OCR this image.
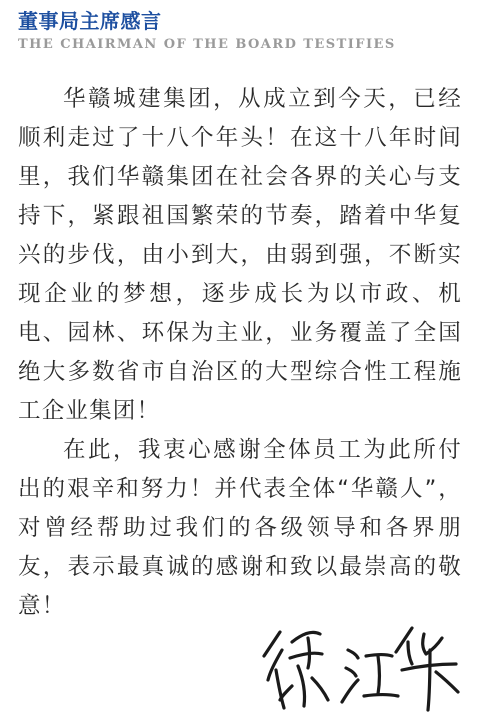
董事局主席感言
THE CHAIRMAN OF THE BOARD TESTIFIES

华赣城建集团，从成立到今天，已经顺利走过了十八个年头！在这十八年时间里，我们华赣集团在社会各界的关心与支持下，紧跟祖国繁荣的节奏，踏着中华复兴的步伐，由小到大，由弱到强，不断实现企业的梦想，逐步成长为以市政、机电、园林、环保为主业，业务覆盖了全国绝大多数省市自治区的大型综合性工程施工企业集团！

在此，我衷心感谢全体员工为此所付出的艰辛和努力！并代表全体“华赣人”，对曾经帮助过我们的各级领导和各界朋友，表示最真诚的感谢和致以最崇高的敬意！
